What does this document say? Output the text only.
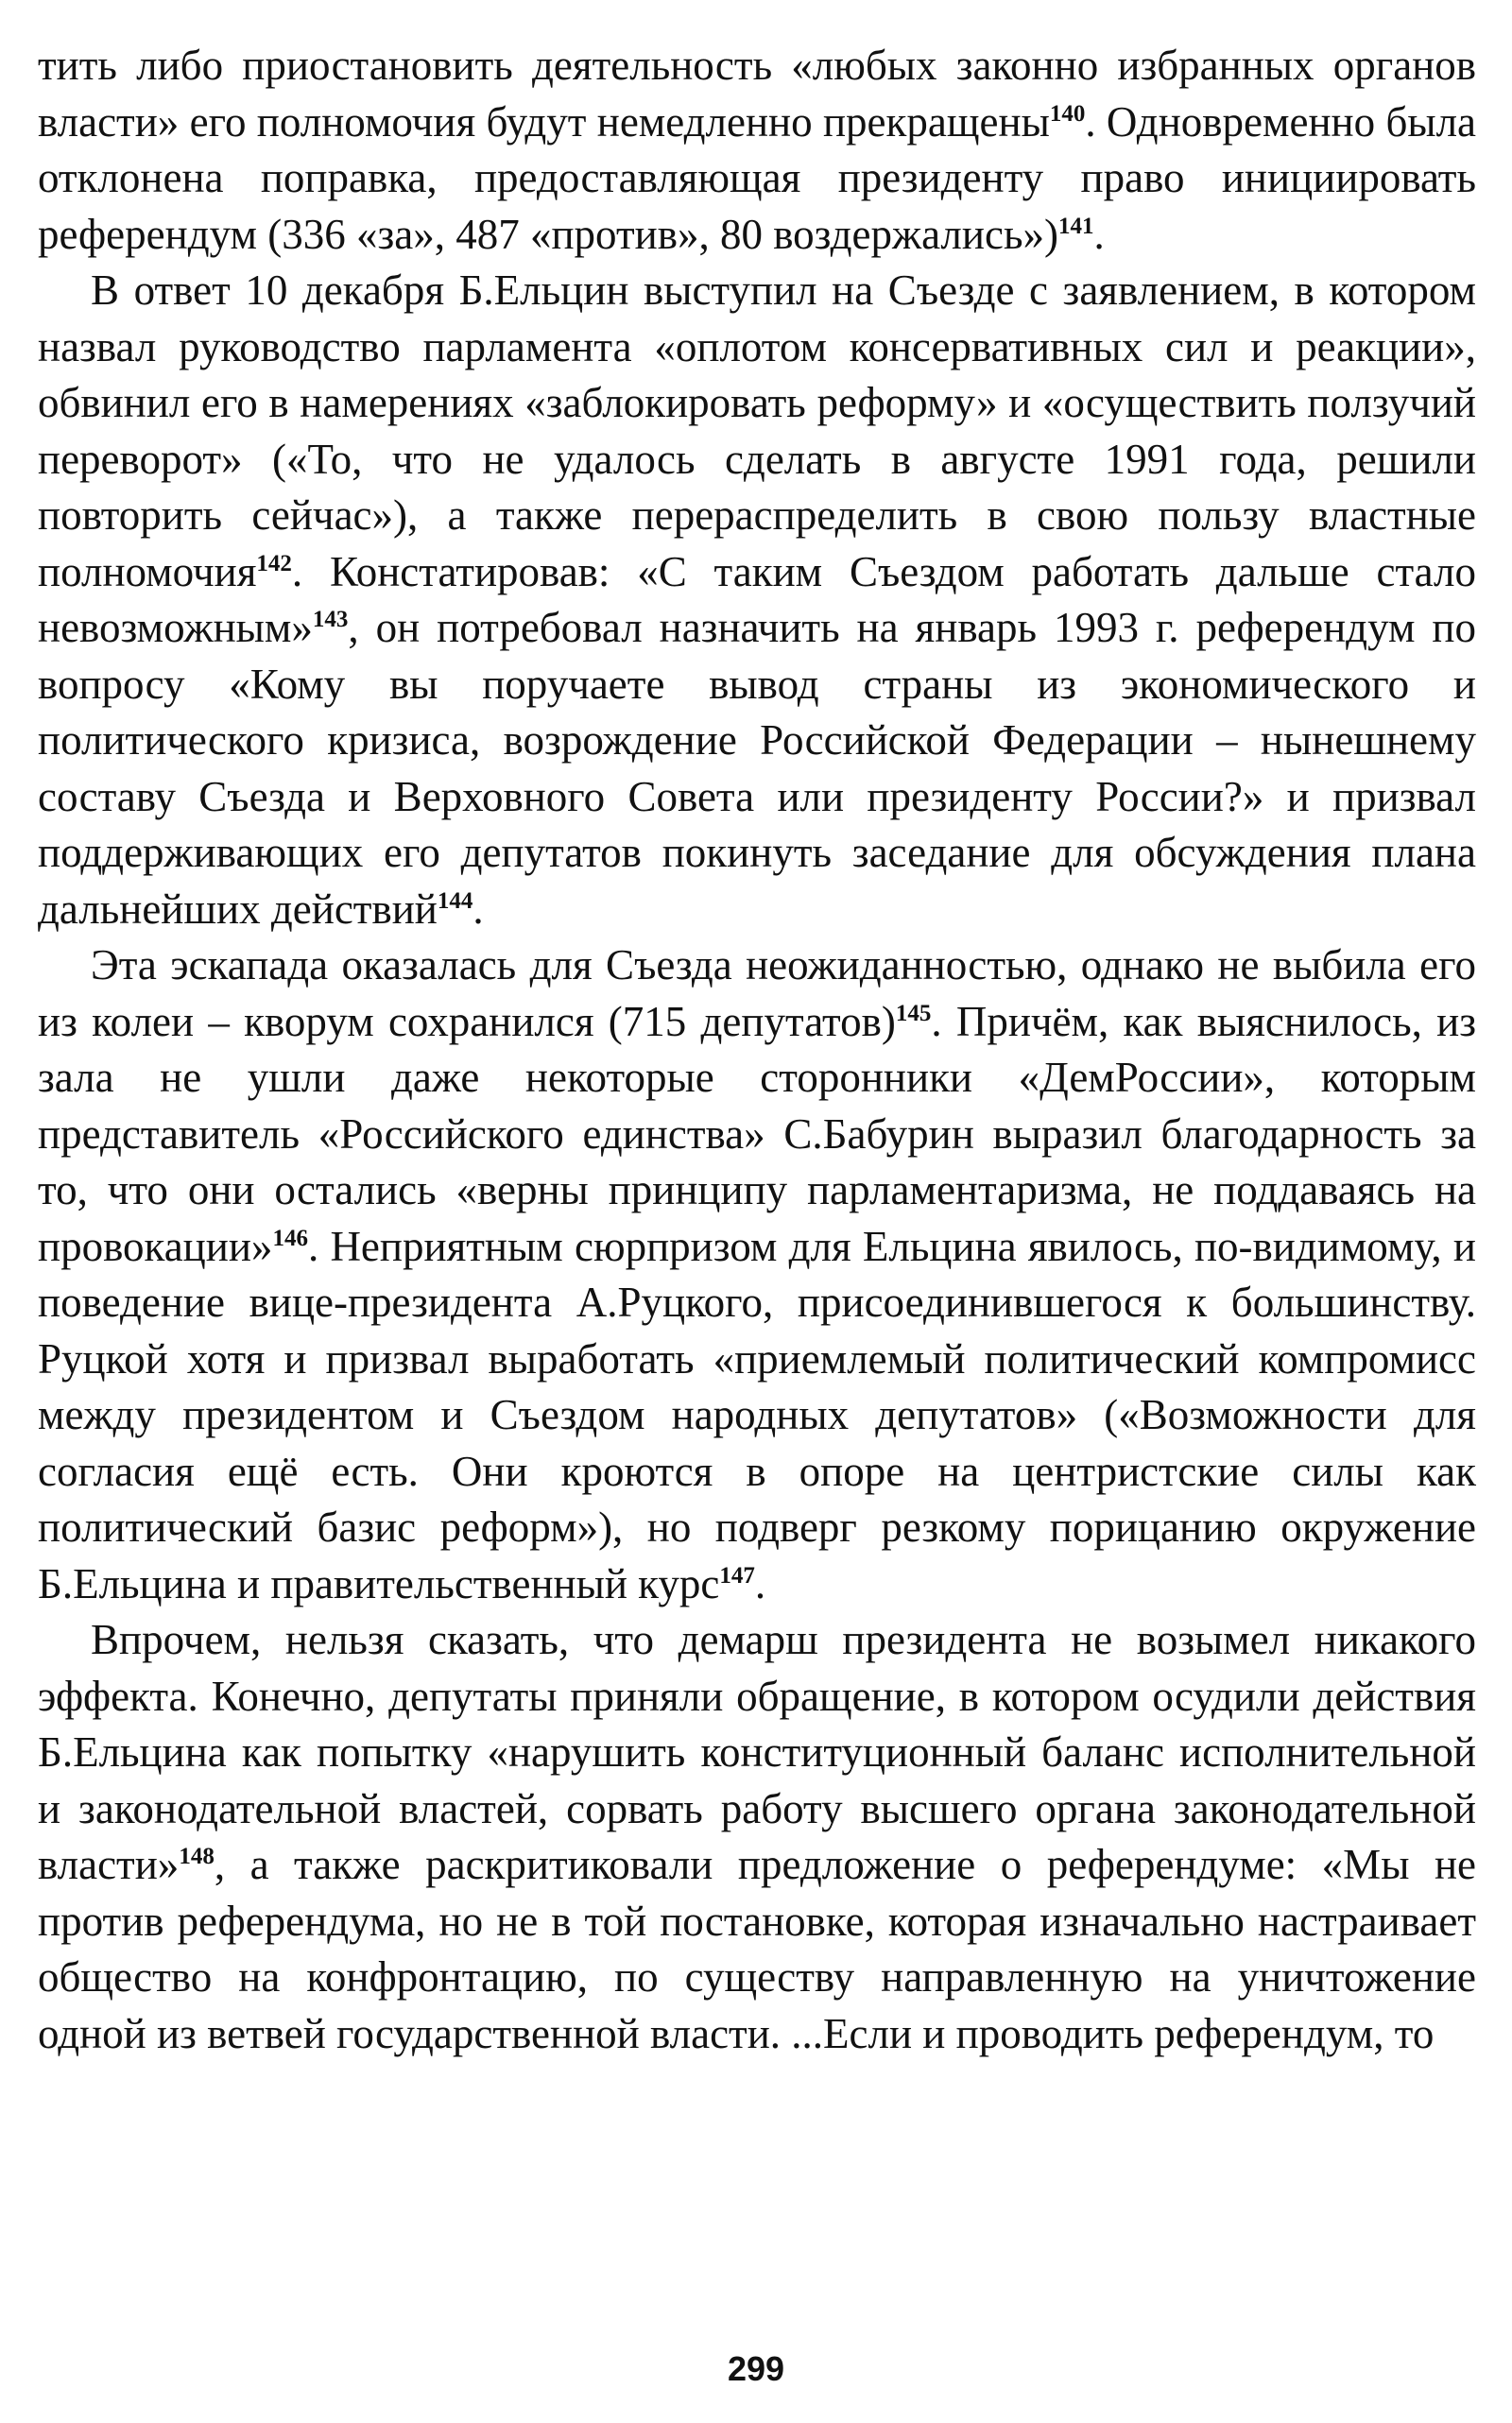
тить либо приостановить деятельность «любых законно избранных органов власти» его полномочия будут немедленно прекращены$^{140}$. Одновременно была отклонена поправка, предоставляющая президенту право инициировать референдум (336 «за», 487 «против», 80 воздержались»)$^{141}$.

В ответ 10 декабря Б.Ельцин выступил на Съезде с заявлением, в котором назвал руководство парламента «оплотом консервативных сил и реакции», обвинил его в намерениях «заблокировать реформу» и «осуществить ползучий переворот» («То, что не удалось сделать в августе 1991 года, решили повторить сейчас»), а также перераспределить в свою пользу властные полномочия$^{142}$. Констатировав: «С таким Съездом работать дальше стало невозможным»$^{143}$, он потребовал назначить на январь 1993 г. референдум по вопросу «Кому вы поручаете вывод страны из экономического и политического кризиса, возрождение Российской Федерации – нынешнему составу Съезда и Верховного Совета или президенту России?» и призвал поддерживающих его депутатов покинуть заседание для обсуждения плана дальнейших действий$^{144}$.

Эта эскапада оказалась для Съезда неожиданностью, однако не выбила его из колеи – кворум сохранился (715 депутатов)$^{145}$. Причём, как выяснилось, из зала не ушли даже некоторые сторонники «ДемРоссии», которым представитель «Российского единства» С.Бабурин выразил благодарность за то, что они остались «верны принципу парламентаризма, не поддаваясь на провокации»$^{146}$. Неприятным сюрпризом для Ельцина явилось, по-видимому, и поведение вице-президента А.Руцкого, присоединившегося к большинству. Руцкой хотя и призвал выработать «приемлемый политический компромисс между президентом и Съездом народных депутатов» («Возможности для согласия ещё есть. Они кроются в опоре на центристские силы как политический базис реформ»), но подверг резкому порицанию окружение Б.Ельцина и правительственный курс$^{147}$.

Впрочем, нельзя сказать, что демарш президента не возымел никакого эффекта. Конечно, депутаты приняли обращение, в котором осудили действия Б.Ельцина как попытку «нарушить конституционный баланс исполнительной и законодательной властей, сорвать работу высшего органа законодательной власти»$^{148}$, а также раскритиковали предложение о референдуме: «Мы не против референдума, но не в той постановке, которая изначально настраивает общество на конфронтацию, по существу направленную на уничтожение одной из ветвей государственной власти. ...Если и проводить референдум, то

299
